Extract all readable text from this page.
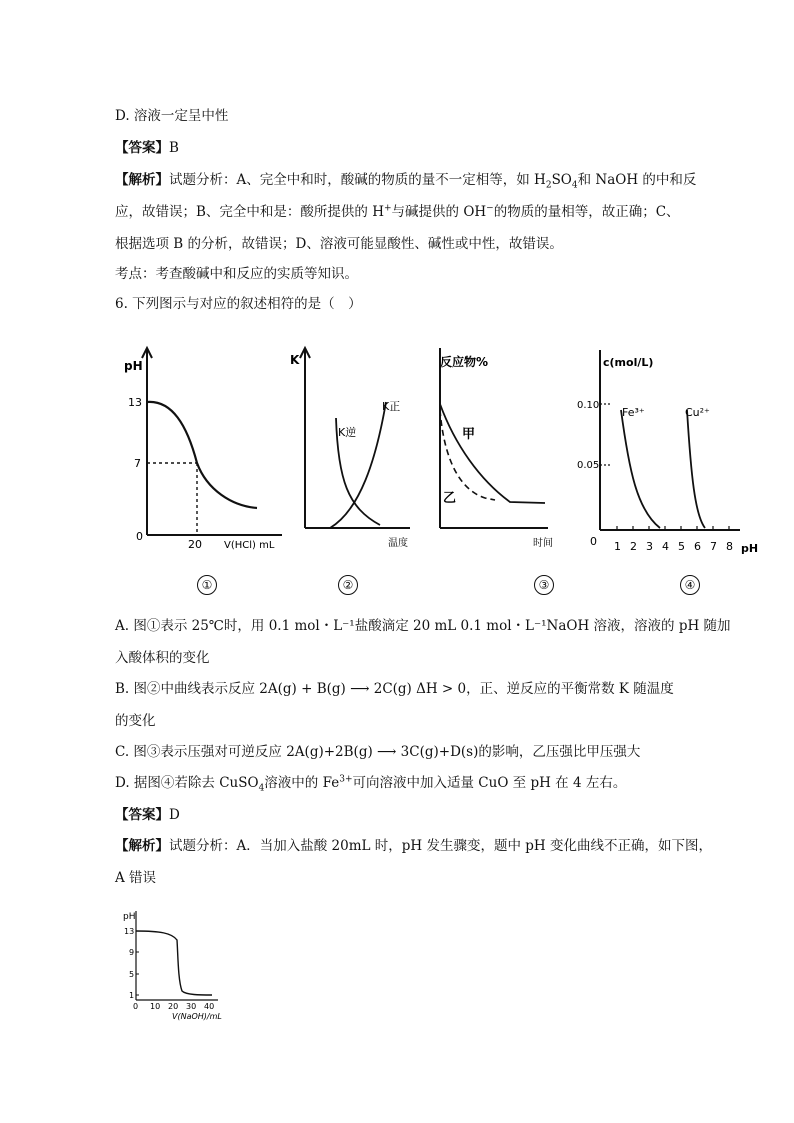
D. 溶液一定呈中性
【答案】B
【解析】试题分析：A、完全中和时，酸碱的物质的量不一定相等，如 $H_2SO_4$和 NaOH 的中和反
应，故错误；B、完全中和是：酸所提供的 H+与碱提供的 OH−的物质的量相等，故正确；C、
根据选项 B 的分析，故错误；D、溶液可能显酸性、碱性或中性，故错误。
考点：考查酸碱中和反应的实质等知识。
6. 下列图示与对应的叙述相符的是（　）
pH
13
7
0
20 V(HCl) mL
①
K
K逆
K正
温度
②
反应物%
甲
乙
时间
③
c(mol/L)
0.10
0.05
0
Fe³⁺	Cu²⁺
1 2 3 4 5 6 7 8 pH
④
A. 图①表示 25℃时，用 0.1 mol・L⁻¹盐酸滴定 20 mL 0.1 mol・L⁻¹NaOH 溶液，溶液的 pH 随加
入酸体积的变化
B. 图②中曲线表示反应 2A(g) + B(g) ⟶ 2C(g) ΔH > 0，正、逆反应的平衡常数 K 随温度
的变化
C. 图③表示压强对可逆反应 2A(g)+2B(g) ⟶ 3C(g)+D(s)的影响，乙压强比甲压强大
D. 据图④若除去 CuSO$_4$溶液中的 $Fe^{3+}$可向溶液中加入适量 CuO 至 pH 在 4 左右。
【答案】D
【解析】试题分析：A．当加入盐酸 20mL 时，pH 发生骤变，题中 pH 变化曲线不正确，如下图，
A 错误
pH
13
9
5
1
0 10 20 30 40
V(NaOH)/mL
